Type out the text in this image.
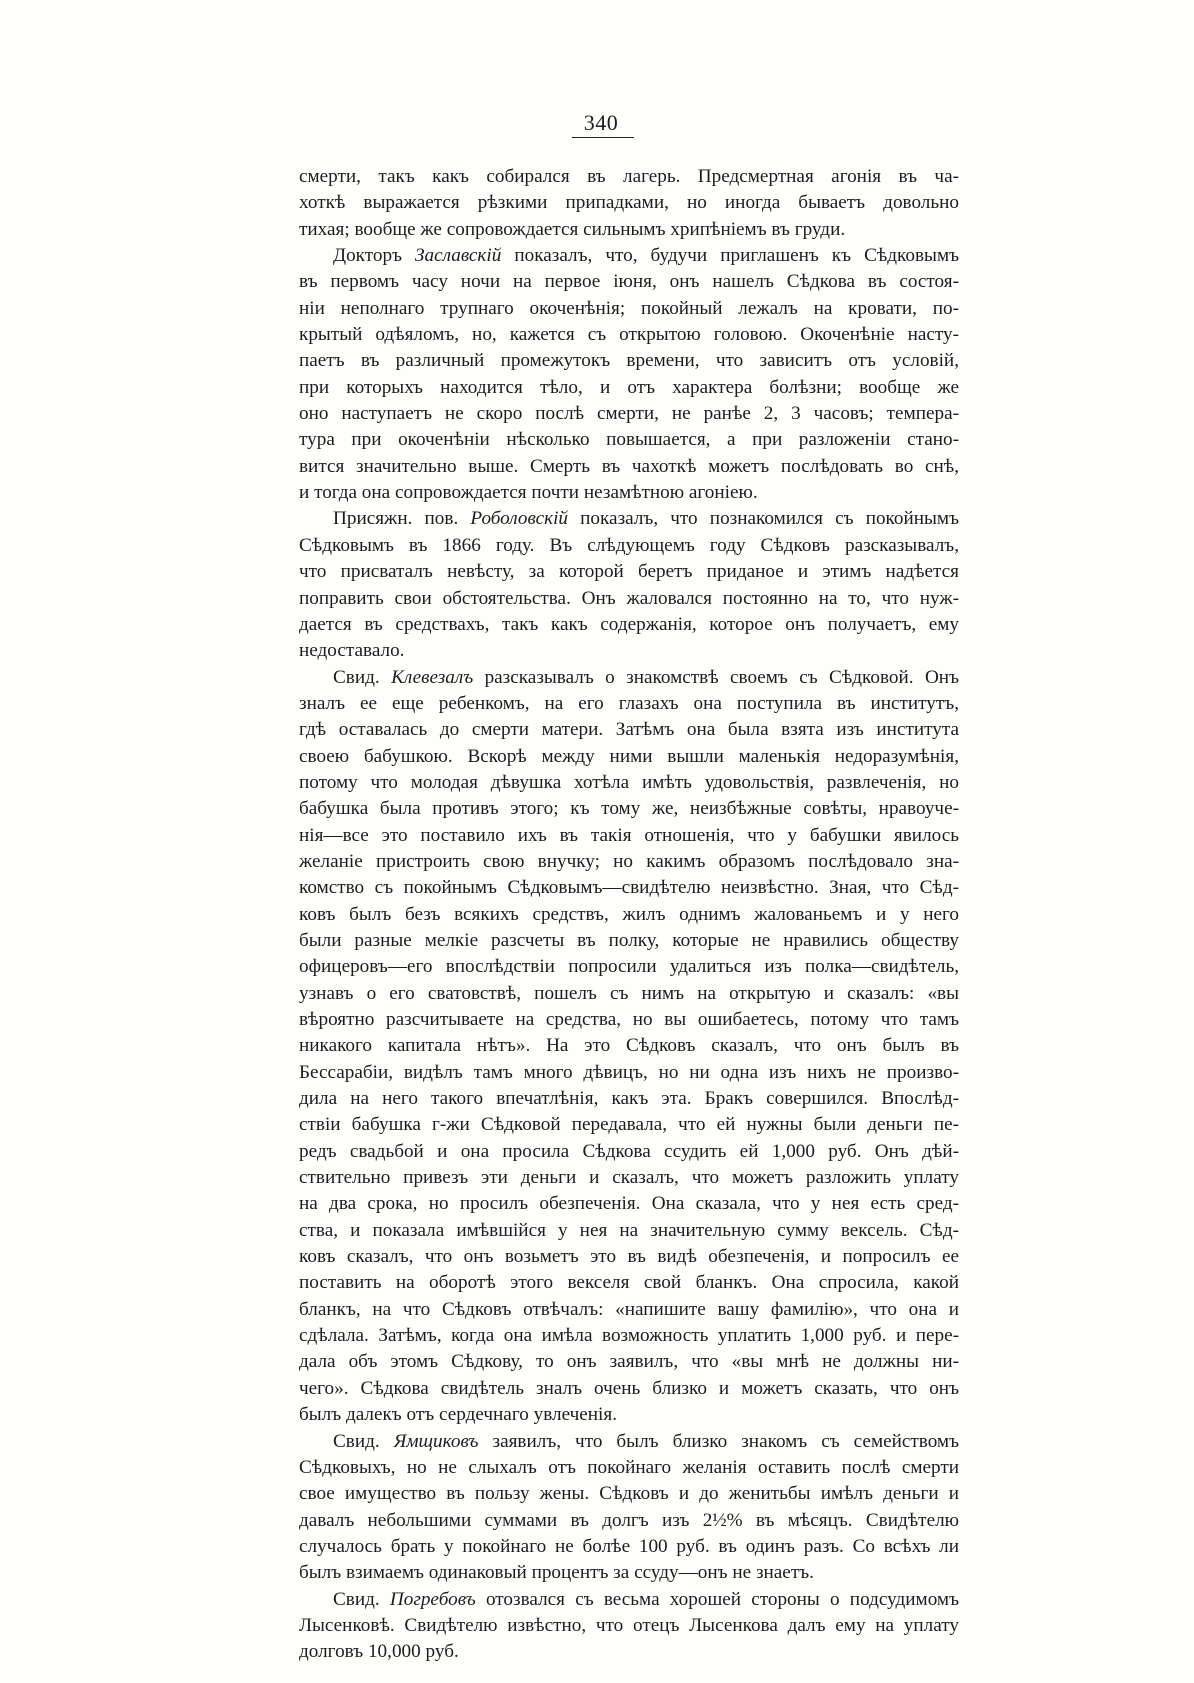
340
смерти, такъ какъ собирался въ лагерь. Предсмертная агонія въ ча-
хоткѣ выражается рѣзкими припадками, но иногда бываетъ довольно
тихая; вообще же сопровождается сильнымъ хрипѣніемъ въ груди.
Докторъ Заславскій показалъ, что, будучи приглашенъ къ Сѣдковымъ
въ первомъ часу ночи на первое іюня, онъ нашелъ Сѣдкова въ состоя-
ніи неполнаго трупнаго окоченѣнія; покойный лежалъ на кровати, по-
крытый одѣяломъ, но, кажется съ открытою головою. Окоченѣніе насту-
паетъ въ различный промежутокъ времени, что зависитъ отъ условій,
при которыхъ находится тѣло, и отъ характера болѣзни; вообще же
оно наступаетъ не скоро послѣ смерти, не ранѣе 2, 3 часовъ; темпера-
тура при окоченѣніи нѣсколько повышается, а при разложеніи стано-
вится значительно выше. Смерть въ чахоткѣ можетъ послѣдовать во снѣ,
и тогда она сопровождается почти незамѣтною агоніею.
Присяжн. пов. Роболовскій показалъ, что познакомился съ покойнымъ
Сѣдковымъ въ 1866 году. Въ слѣдующемъ году Сѣдковъ разсказывалъ,
что присваталъ невѣсту, за которой беретъ приданое и этимъ надѣется
поправить свои обстоятельства. Онъ жаловался постоянно на то, что нуж-
дается въ средствахъ, такъ какъ содержанія, которое онъ получаетъ, ему
недоставало.
Свид. Клевезалъ разсказывалъ о знакомствѣ своемъ съ Сѣдковой. Онъ
зналъ ее еще ребенкомъ, на его глазахъ она поступила въ институтъ,
гдѣ оставалась до смерти матери. Затѣмъ она была взята изъ института
своею бабушкою. Вскорѣ между ними вышли маленькія недоразумѣнія,
потому что молодая дѣвушка хотѣла имѣть удовольствія, развлеченія, но
бабушка была противъ этого; къ тому же, неизбѣжные совѣты, нравоуче-
нія—все это поставило ихъ въ такія отношенія, что у бабушки явилось
желаніе пристроить свою внучку; но какимъ образомъ послѣдовало зна-
комство съ покойнымъ Сѣдковымъ—свидѣтелю неизвѣстно. Зная, что Сѣд-
ковъ былъ безъ всякихъ средствъ, жилъ однимъ жалованьемъ и у него
были разные мелкіе разсчеты въ полку, которые не нравились обществу
офицеровъ—его впослѣдствіи попросили удалиться изъ полка—свидѣтель,
узнавъ о его сватовствѣ, пошелъ съ нимъ на открытую и сказалъ: «вы
вѣроятно разсчитываете на средства, но вы ошибаетесь, потому что тамъ
никакого капитала нѣтъ». На это Сѣдковъ сказалъ, что онъ былъ въ
Бессарабіи, видѣлъ тамъ много дѣвицъ, но ни одна изъ нихъ не произво-
дила на него такого впечатлѣнія, какъ эта. Бракъ совершился. Впослѣд-
ствіи бабушка г-жи Сѣдковой передавала, что ей нужны были деньги пе-
редъ свадьбой и она просила Сѣдкова ссудить ей 1,000 руб. Онъ дѣй-
ствительно привезъ эти деньги и сказалъ, что можетъ разложить уплату
на два срока, но просилъ обезпеченія. Она сказала, что у нея есть сред-
ства, и показала имѣвшійся у нея на значительную сумму вексель. Сѣд-
ковъ сказалъ, что онъ возьметъ это въ видѣ обезпеченія, и попросилъ ее
поставить на оборотѣ этого векселя свой бланкъ. Она спросила, какой
бланкъ, на что Сѣдковъ отвѣчалъ: «напишите вашу фамилію», что она и
сдѣлала. Затѣмъ, когда она имѣла возможность уплатить 1,000 руб. и пере-
дала объ этомъ Сѣдкову, то онъ заявилъ, что «вы мнѣ не должны ни-
чего». Сѣдкова свидѣтель зналъ очень близко и можетъ сказать, что онъ
былъ далекъ отъ сердечнаго увлеченія.
Свид. Ямщиковъ заявилъ, что былъ близко знакомъ съ семействомъ
Сѣдковыхъ, но не слыхалъ отъ покойнаго желанія оставить послѣ смерти
свое имущество въ пользу жены. Сѣдковъ и до женитьбы имѣлъ деньги и
давалъ небольшими суммами въ долгъ изъ 2½% въ мѣсяцъ. Свидѣтелю
случалось брать у покойнаго не болѣе 100 руб. въ одинъ разъ. Со всѣхъ ли
былъ взимаемъ одинаковый процентъ за ссуду—онъ не знаетъ.
Свид. Погребовъ отозвался съ весьма хорошей стороны о подсудимомъ
Лысенковѣ. Свидѣтелю извѣстно, что отецъ Лысенкова далъ ему на уплату
долговъ 10,000 руб.
